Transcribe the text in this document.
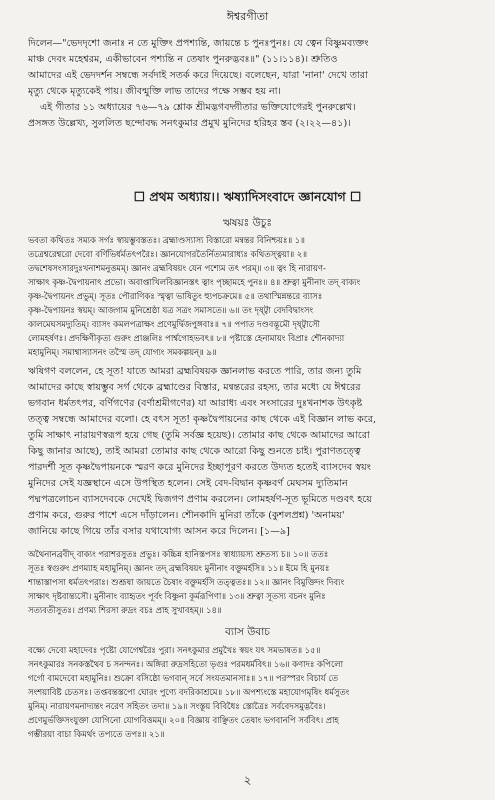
ঈশ্বরগীতা
দিলেন—"ভেদদৃশো জনাঃ ন তে মুক্তিং প্রপশ্যন্তি, জায়ন্তে চ পুনঃপুনঃ। যে ত্বেন বিষ্ণুমব্যক্তং
মাঞ্চ দেবং মহেশ্বরম, একীভাবেন পশ্যন্তি ন তেষাং পুনরুদ্ভবঃ॥" (১১।১১৪)। শ্রুতিও
আমাদের এই ভেদদর্শন সম্বন্ধে সর্বদাই সতর্ক করে দিয়েছে। বলেছেন, যারা 'নানা' দেখে তারা
মৃত্যু থেকে মৃত্যুকেই পায়। জীবন্মুক্তি লাভ তাদের পক্ষে সম্ভব হয় না।
এই গীতার ১১ অধ্যায়ের ৭৬—৭৯ শ্লোক শ্রীমদ্ভগবদ্গীতার ভক্তিযোগেরই পুনরুল্লেখ।
প্রসঙ্গত উল্লেখ্য, সুললিত ছন্দোবদ্ধ সনৎকুমার প্রমুখ মুনিদের হরিহর স্তব (২।২২—৪১)।
☐ প্রথম অধ্যায়।। ঋষ্যাদিসংবাদে জ্ঞানযোগ ☐
ঋষয়ঃ উচুঃ
ভবতা কথিতঃ সম্যক সর্গঃ স্বায়ম্ভুবস্ততঃ। ব্রহ্মাণ্ডস্যাস্য বিস্তারো মন্বন্তর বিনিশ্চয়ঃ॥ ১॥
তত্রেশ্বরেশ্বরো দেবো বর্ণিভির্ধর্মতৎপরৈঃ। জ্ঞানযোগরতৈর্নিত্যমারাধ্যঃ কথিতস্ত্বয়া॥ ২॥
তদ্বশেষসংসারদুঃখনাশমনুত্তমম্। জ্ঞানং ব্রহ্মবিষয়ং যেন পশ্যেম তৎ পরম্॥ ৩॥ ত্বং হি নারায়ণ-
সাক্ষাৎ কৃষ্ণ-দ্বৈপায়নাৎ প্রভো। অবাপ্তাখিলবিজ্ঞানস্তৎ ত্বাং পৃচ্ছামহে পুনঃ॥ ৪॥ শ্রুত্বা মুনীনাং তদ্ বাক্যং
কৃষ্ণ-দ্বৈপায়নং প্রভুম্। সূতঃ পৌরাণিকঃ স্মৃত্বা ভাষিতুং হ্যুপচক্রমে॥ ৫॥ তথাস্মিন্নন্তরে ব্যাসঃ
কৃষ্ণ-দ্বৈপায়নঃ স্বয়ম্। আজগাম মুনিশ্রেষ্ঠা যত্র সত্রং সমাসতে॥ ৬॥ তং দৃষ্ট্বা বেদবিদ্বাংসং
কালমেঘসমদ্যুতিম্। ব্যাসং কমলপত্রাক্ষং প্রণেমুর্দ্বিজপুঙ্গবাঃ॥ ৭॥ পপাত দণ্ডবদ্ভূমৌ দৃষ্ট্বাসৌ
লোমহর্ষণঃ। প্রদক্ষিণীকৃত্য গুরুং প্রাঞ্জলিঃ পার্শ্বগোহভবৎ॥ ৮॥ পৃষ্টাস্তে হেনামায়ং বিপ্রাঃ শৌনকাদ্যা
মহামুনিম্। সমাশ্বাস্যাসনং তস্মৈ তদ্ যোগ্যং সমকল্পয়ন্॥ ৯॥
ঋষিগণ বললেন, হে সূত! যাতে আমরা ব্রহ্মবিষয়ক জ্ঞানলাভ করতে পারি, তার জন্য তুমি
আমাদের কাছে স্বায়ম্ভুব সর্গ থেকে ব্রহ্মাণ্ডের বিস্তার, মন্বন্তরের রহস্য, তার মধ্যে যে ঈশ্বরের
ভগবান ধর্মতৎপর, বর্ণিগণের (বর্ণাশ্রমীগণের) যা আরাধ্য এবং সংসারের দুঃখনাশক উৎকৃষ্ট
তত্ত্ব সম্বন্ধে আমাদের বলো। হে বৎস সূত! কৃষ্ণদ্বৈপায়নের কাছ থেকে এই বিজ্ঞান লাভ করে,
তুমি সাক্ষাৎ নারায়ণস্বরূপ হয়ে গেছ (তুমি সর্বজ্ঞ হয়েছ)। তোমার কাছ থেকে আমাদের আরো
কিছু জানার আছে), তাই আমরা তোমার কাছ থেকে আরো কিছু শুনতে চাই। পুরাণতত্ত্বে
পারদর্শী সূত কৃষ্ণদ্বৈপায়নকে স্মরণ করে মুনিদের ইচ্ছাপূরণ করতে উদ্যত হতেই ব্যাসদেব স্বয়ং
মুনিদের সেই যজ্ঞস্থানে এসে উপস্থিত হলেন। সেই বেদ-বিদ্বান কৃষ্ণবর্ণ মেঘসম দ্যুতিমান
পদ্মপত্রলোচন ব্যাসদেবকে দেখেই দ্বিজগণ প্রণাম করলেন। লোমহর্ষণ-সূত ভূমিতে দণ্ডবৎ হয়ে
প্রণাম করে, গুরুর পাশে এসে দাঁড়ালেন। শৌনকাদি মুনিরা তাঁকে (কুশলপ্রশ্ন) 'অনাময়'
জানিয়ে কাছে গিয়ে তাঁর বসার যথাযোগ্য আসন করে দিলেন। [১—৯]
অথৈনানব্রবীদ্ বাক্যং পরাশরসুতঃ প্রভুঃ। কচ্চিন্ন হানিস্তপসঃ স্বাধ্যায়স্য শ্রুতস্য চ॥ ১০॥ ততঃ
সূতঃ স্বগুরুং প্রণম্যাহ মহামুনিম্। জ্ঞানং তদ্ ব্রহ্মবিষয়ং মুনীনাং বক্তুমর্হসি॥ ১১॥ ইমে হি মুনয়ঃ
শান্তাস্তাপসা ধর্মতৎপরাঃ। শুশ্রূষা জায়তে চৈষাং বক্তুমর্হসি তত্ত্বতঃ॥ ১২॥ জ্ঞানং বিমুক্তিদং দিব্যং
সাক্ষাৎ দৃষ্টবান্ত্যসৌ। মুনীনাং ব্যাহৃতং পূর্বং বিষ্ণুনা কূর্মরূপিণা॥ ১৩॥ শ্রুত্বা সূতস্য বচনং মুনিঃ
সত্যবতীসুতঃ। প্রণম্য শিরসা রুদ্রং বচঃ প্রাহ সুখাবহম্॥ ১৪॥
ব্যাস উবাচ
বক্ষ্যে দেবো মহাদেবঃ পৃষ্টো যোগেশ্বরৈঃ পুরা। সনৎকুমার প্রমুখৈঃ স্বয়ং যৎ সমভাষত॥ ১৫॥
সনৎকুমারঃ সনকস্তথৈব চ সনন্দনঃ। অঙ্গিরা রুদ্রসহিতো ভৃগুঃ পরমধর্মবিৎ॥ ১৬॥ কণাদঃ কপিলো
গর্গো বামদেবো মহামুনিঃ। শুক্রো বসিষ্ঠো ভগবান্ সর্বে সংযতমানসাঃ॥ ১৭॥ পরস্পরং বিচার্য তে
সংশয়াবিষ্ট চেতসঃ। তপ্তবন্তস্তপো ঘোরং পুণ্যে বদরিকাশ্রমে॥ ১৮॥ অপশ্যংস্তে মহাযোগমৃষিং ধর্মসুতং
মুনিম্। নারায়ণমনাদ্যন্তং নরেণ সহিতং তদা॥ ১৯॥ সংস্তূয় বিবিধৈঃ স্তোত্রৈঃ সর্ববেদসমুদ্ভবৈঃ।
প্রণেমুর্ভক্তিসংযুক্তা যোগিনো যোগবিত্তমম্॥ ২০॥ বিজ্ঞায় বাঞ্ছিতং তেষাং ভগবানপি সর্ববিৎ। প্রাহ
গম্ভীরয়া বাচা কিমর্থং তপ্যতে তপঃ॥ ২১॥
২
